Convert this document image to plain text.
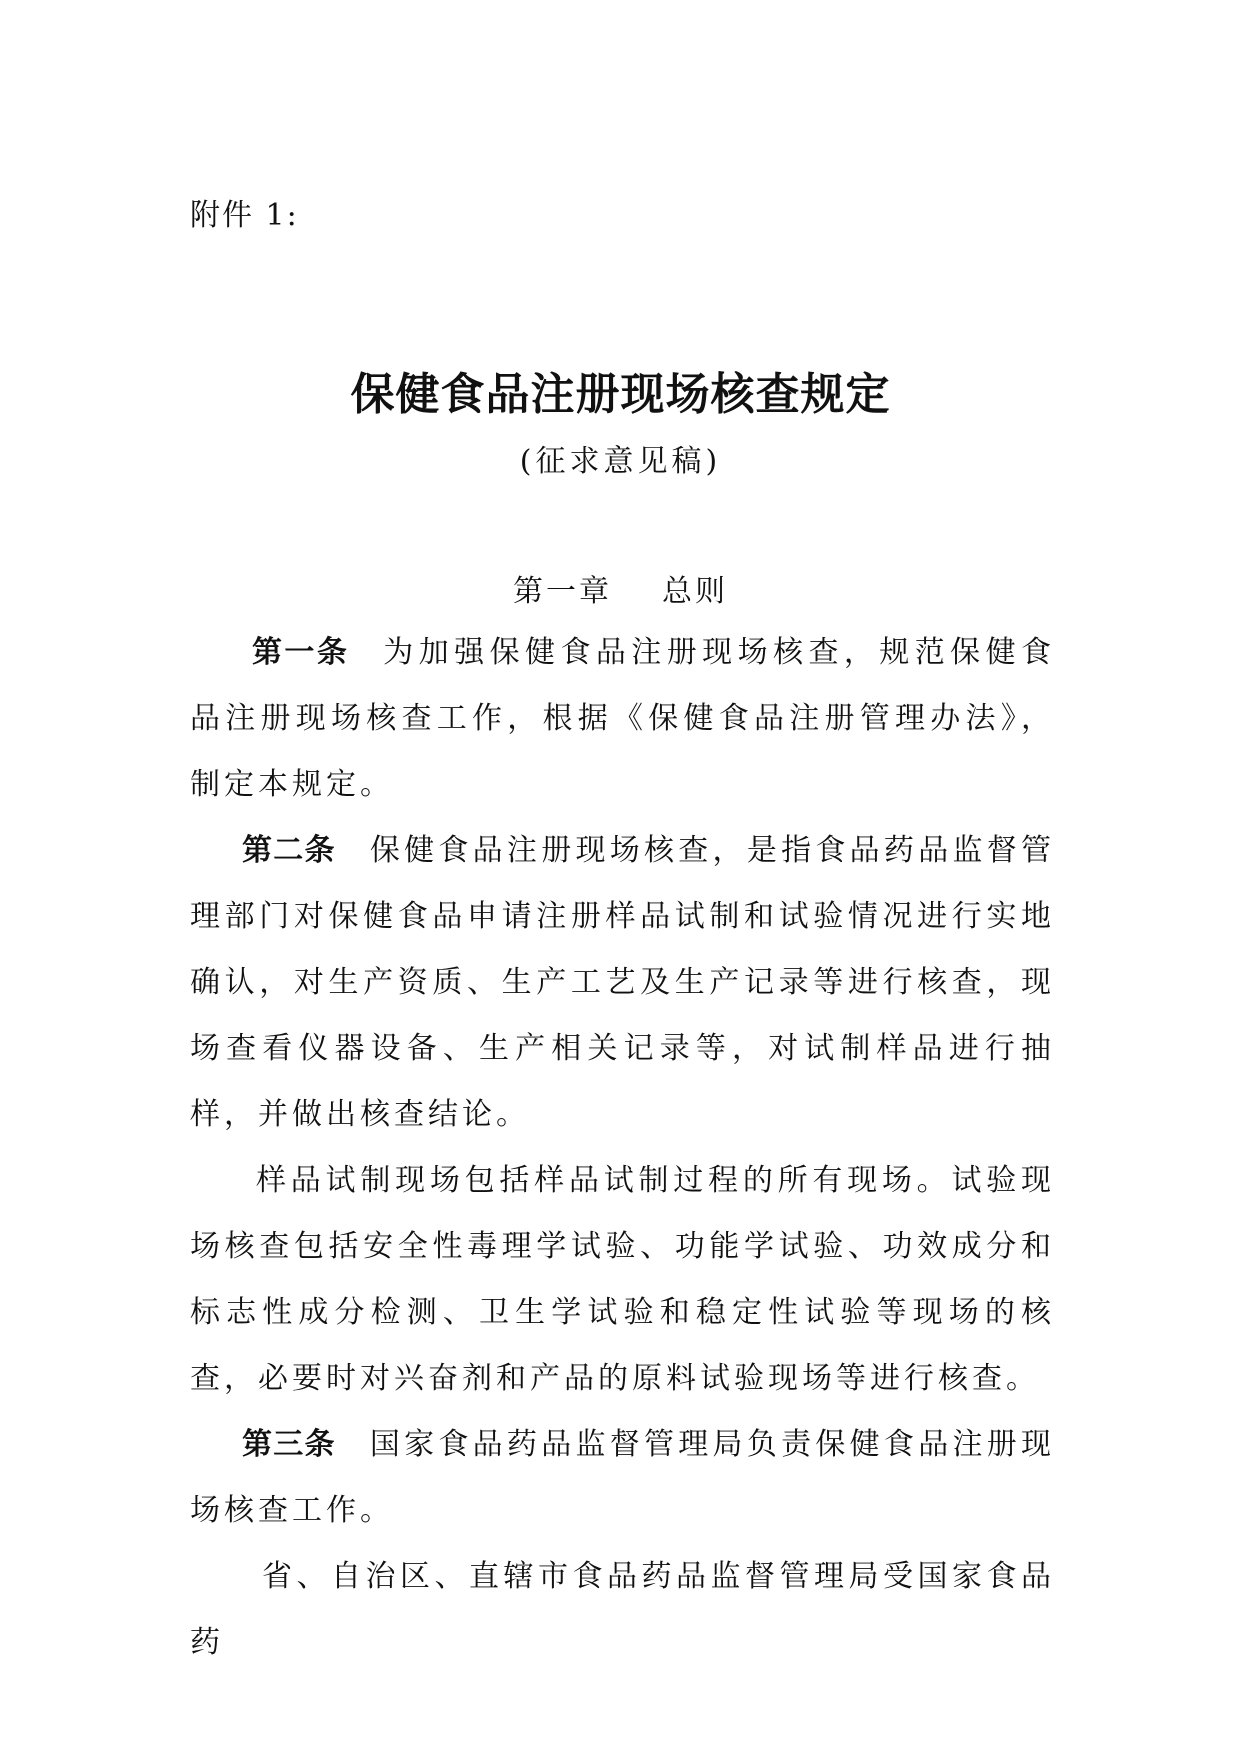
附件 1:
保健食品注册现场核查规定
(征求意见稿)
第一章 总则

第一条 为加强保健食品注册现场核查，规范保健食品注册现场核查工作，根据《保健食品注册管理办法》，制定本规定。

第二条 保健食品注册现场核查，是指食品药品监督管理部门对保健食品申请注册样品试制和试验情况进行实地确认，对生产资质、生产工艺及生产记录等进行核查，现场查看仪器设备、生产相关记录等，对试制样品进行抽样，并做出核查结论。

样品试制现场包括样品试制过程的所有现场。试验现场核查包括安全性毒理学试验、功能学试验、功效成分和标志性成分检测、卫生学试验和稳定性试验等现场的核查，必要时对兴奋剂和产品的原料试验现场等进行核查。

第三条 国家食品药品监督管理局负责保健食品注册现场核查工作。

省、自治区、直辖市食品药品监督管理局受国家食品药
